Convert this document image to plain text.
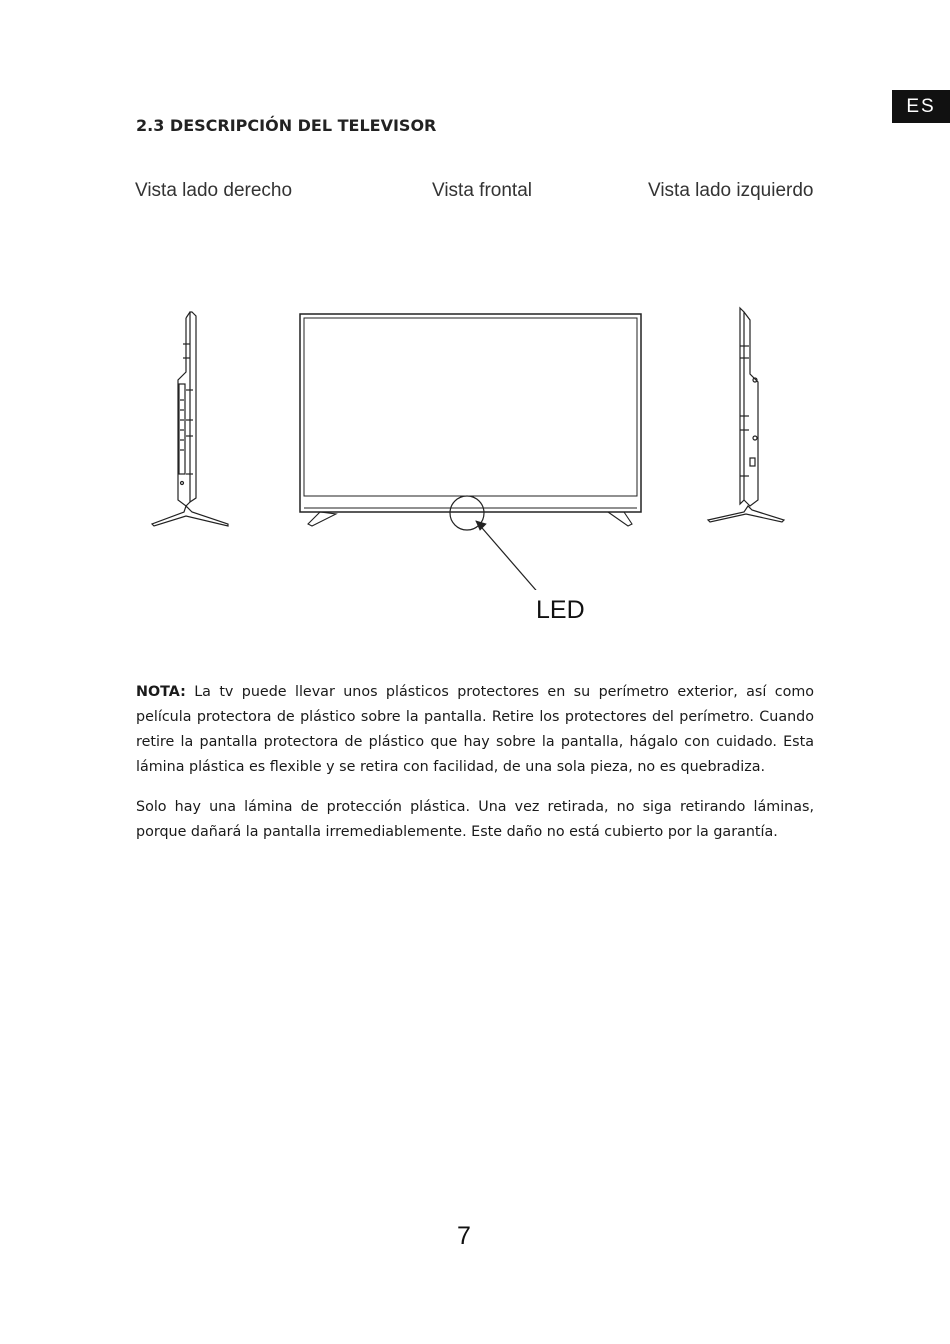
ES
2.3 DESCRIPCIÓN DEL TELEVISOR
Vista lado derecho	Vista frontal	Vista lado izquierdo
LED

NOTA: La tv puede llevar unos plásticos protectores en su perímetro exterior, así como película protectora de plástico sobre la pantalla. Retire los protectores del perímetro. Cuando retire la pantalla protectora de plástico que hay sobre la pantalla, hágalo con cuidado. Esta lámina plástica es flexible y se retira con facilidad, de una sola pieza, no es quebradiza.

Solo hay una lámina de protección plástica. Una vez retirada, no siga retirando láminas, porque dañará la pantalla irremediablemente. Este daño no está cubierto por la garantía.

7
